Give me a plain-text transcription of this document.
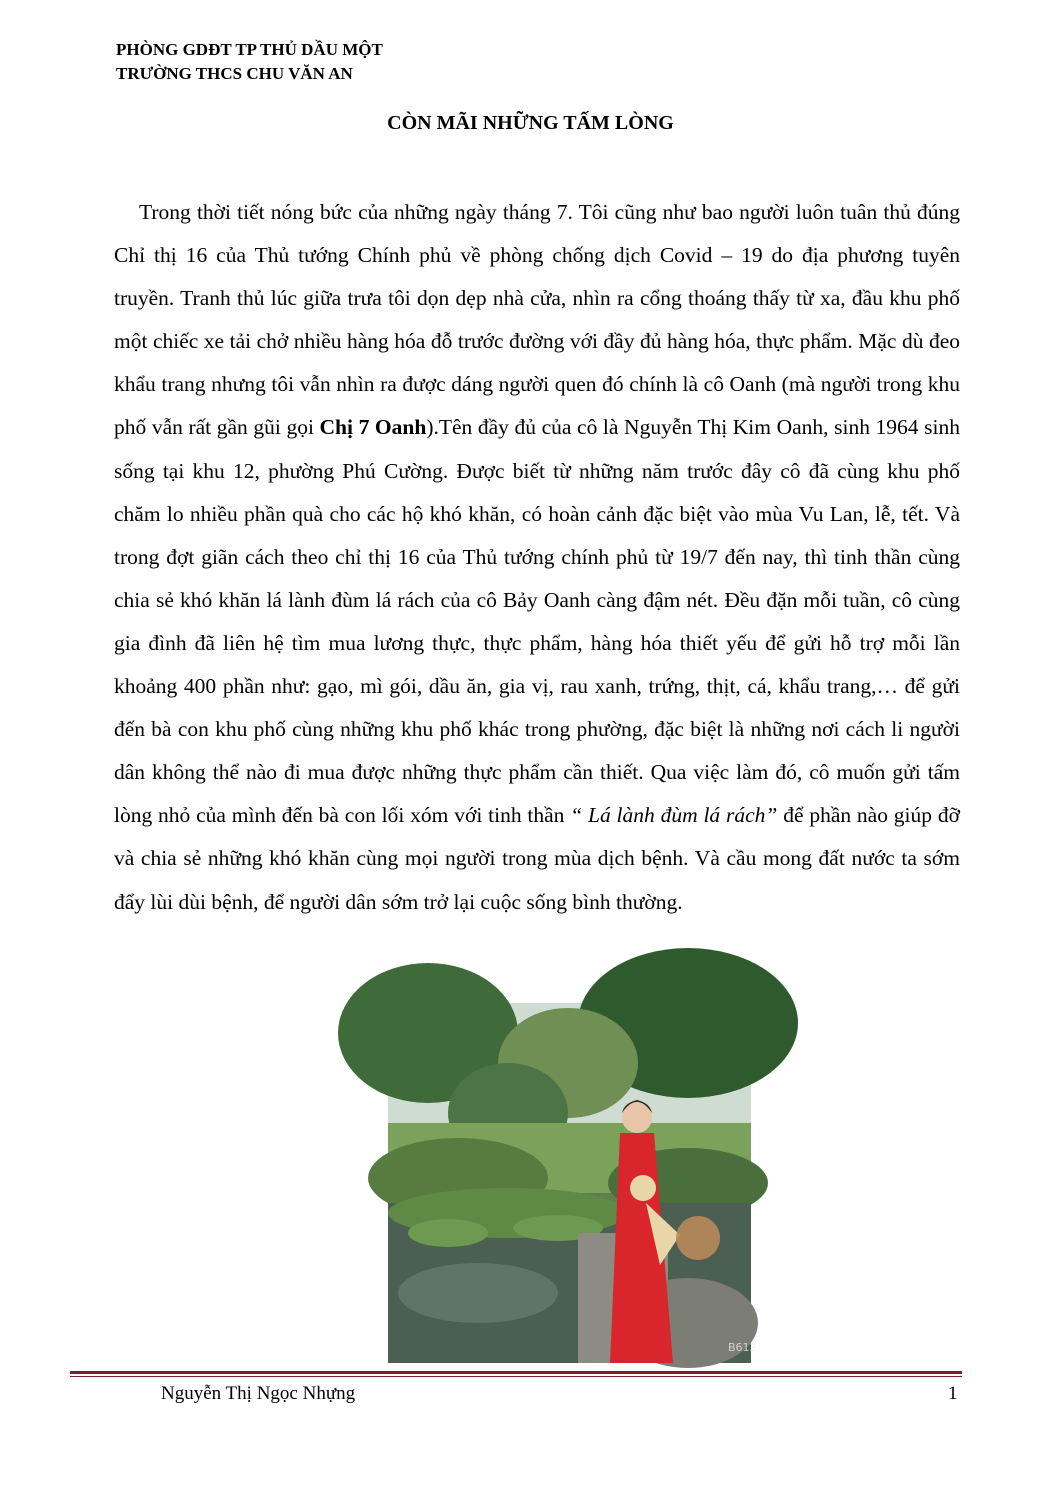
PHÒNG GDĐT TP THỦ DẦU MỘT
TRƯỜNG THCS CHU VĂN AN
CÒN MÃI NHỮNG TẤM LÒNG

Trong thời tiết nóng bức của những ngày tháng 7. Tôi cũng như bao người luôn tuân thủ đúng Chỉ thị 16 của Thủ tướng Chính phủ về phòng chống dịch Covid – 19 do địa phương tuyên truyền. Tranh thủ lúc giữa trưa tôi dọn dẹp nhà cửa, nhìn ra cổng thoáng thấy từ xa, đầu khu phố một chiếc xe tải chở nhiều hàng hóa đỗ trước đường với đầy đủ hàng hóa, thực phẩm. Mặc dù đeo khẩu trang nhưng tôi vẫn nhìn ra được dáng người quen đó chính là cô Oanh (mà người trong khu phố vẫn rất gần gũi gọi Chị 7 Oanh).Tên đầy đủ của cô là Nguyễn Thị Kim Oanh, sinh 1964 sinh sống tại khu 12, phường Phú Cường. Được biết từ những năm trước đây cô đã cùng khu phố chăm lo nhiều phần quà cho các hộ khó khăn, có hoàn cảnh đặc biệt vào mùa Vu Lan, lễ, tết. Và trong đợt giãn cách theo chỉ thị 16 của Thủ tướng chính phủ từ 19/7 đến nay, thì tinh thần cùng chia sẻ khó khăn lá lành đùm lá rách của cô Bảy Oanh càng đậm nét. Đều đặn mỗi tuần, cô cùng gia đình đã liên hệ tìm mua lương thực, thực phẩm, hàng hóa thiết yếu để gửi hỗ trợ mỗi lần khoảng 400 phần như: gạo, mì gói, dầu ăn, gia vị, rau xanh, trứng, thịt, cá, khẩu trang,… để gửi đến bà con khu phố cùng những khu phố khác trong phường, đặc biệt là những nơi cách li người dân không thể nào đi mua được những thực phẩm cần thiết. Qua việc làm đó, cô muốn gửi tấm lòng nhỏ của mình đến bà con lối xóm với tinh thần “ Lá lành đùm lá rách” để phần nào giúp đỡ và chia sẻ những khó khăn cùng mọi người trong mùa dịch bệnh. Và cầu mong đất nước ta sớm đẩy lùi dùi bệnh, để người dân sớm trở lại cuộc sống bình thường.

B612
Nguyễn Thị Ngọc Nhựng	1
